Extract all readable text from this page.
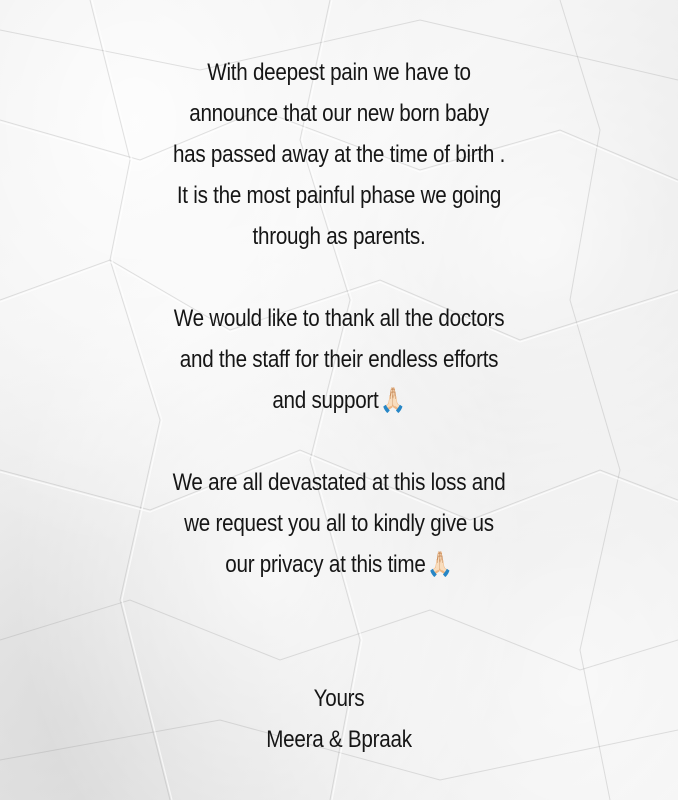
With deepest pain we have to
announce that our new born baby
has passed away at the time of birth .
It is the most painful phase we going
through as parents.
We would like to thank all the doctors
and the staff for their endless efforts
and support🙏🏻
We are all devastated at this loss and
we request you all to kindly give us
our privacy at this time🙏🏻
Yours
Meera & Bpraak
